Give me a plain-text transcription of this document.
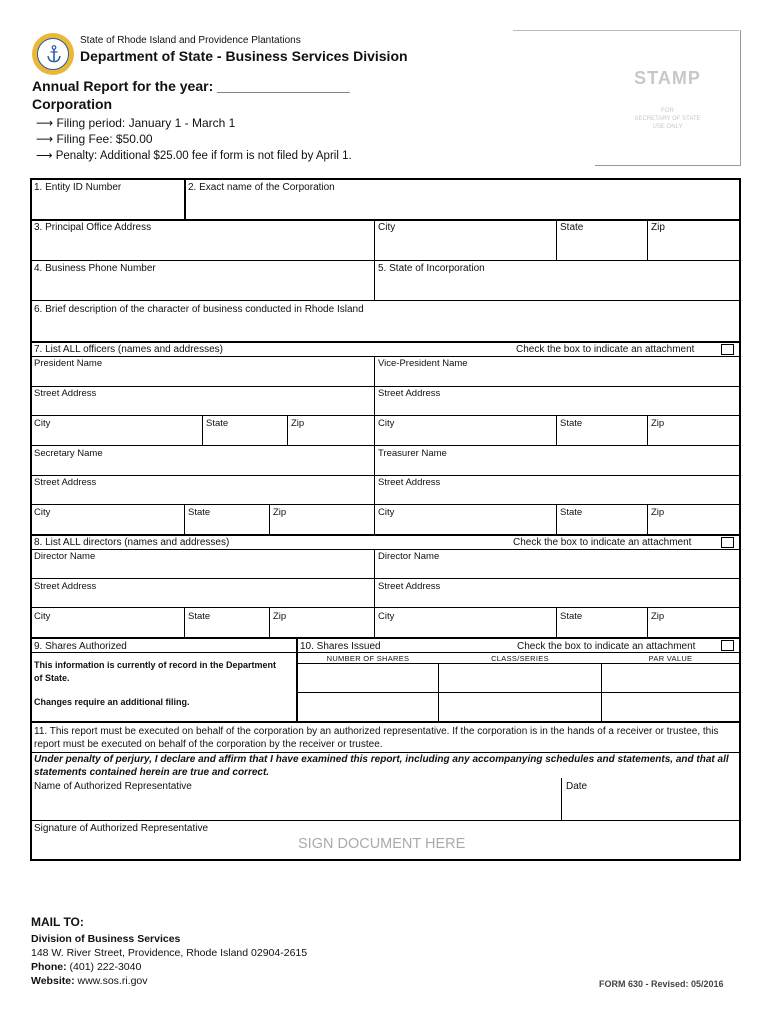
State of Rhode Island and Providence Plantations
Department of State - Business Services Division
Annual Report for the year: _________________
Corporation
⟶ Filing period: January 1 - March 1
⟶ Filing Fee: $50.00
⟶ Penalty: Additional $25.00 fee if form is not filed by April 1.
STAMP
FOR
SECRETARY OF STATE
USE ONLY
1. Entity ID Number	2. Exact name of the Corporation
3. Principal Office Address	City	State	Zip
4. Business Phone Number	5. State of Incorporation
6. Brief description of the character of business conducted in Rhode Island
7. List ALL officers (names and addresses)	Check the box to indicate an attachment
President Name	Vice-President Name
Street Address	Street Address
City	State	Zip	City	State	Zip
Secretary Name	Treasurer Name
Street Address	Street Address
City	State	Zip	City	State	Zip
8. List ALL directors (names and addresses)	Check the box to indicate an attachment
Director Name	Director Name
Street Address	Street Address
City	State	Zip	City	State	Zip
9. Shares Authorized
This information is currently of record in the Department of State.
Changes require an additional filing.
10. Shares Issued	Check the box to indicate an attachment
NUMBER OF SHARES	CLASS/SERIES	PAR VALUE
11. This report must be executed on behalf of the corporation by an authorized representative. If the corporation is in the hands of a receiver or trustee, this report must be executed on behalf of the corporation by the receiver or trustee.
Under penalty of perjury, I declare and affirm that I have examined this report, including any accompanying schedules and statements, and that all statements contained herein are true and correct.
Name of Authorized Representative	Date
Signature of Authorized Representative
SIGN DOCUMENT HERE
MAIL TO:
Division of Business Services
148 W. River Street, Providence, Rhode Island 02904-2615
Phone: (401) 222-3040
Website: www.sos.ri.gov	FORM 630 - Revised: 05/2016
